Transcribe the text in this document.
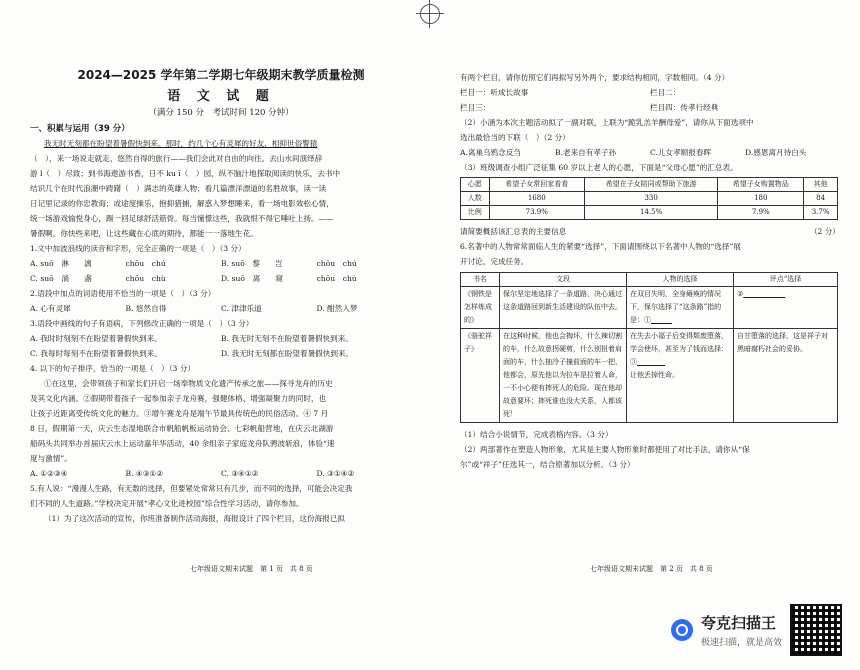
2024—2025 学年第二学期七年级期末教学质量检测
语 文 试 题
（满分 150 分　考试时间 120 分钟）
一、积累与运用（39 分）

我无时无刻都在盼望着暑假快到来。那时，约几个心有灵犀的好友，相抑世俗警猿

（　），来一场说走就走、悠然自得的旅行——我们会此对自由的向往。去山水间演绎辞

游 l（　）尽致；到书海遨游书香，日不 ku ī（　）园，纵不脑汁地探取阅读的快乐，去书中

结识几个在时代浪潮中踌躇（　）满志的英雄人物；看几篇漂洋漂道的名胜故事，读一读

日记里记录的你忠教诲；或途度操乐，抱抑猎捕，解惑入梦想睡来，看一场电影效松心情，

统一场游戏愉悦身心，踢一回足球舒活筋骨。每当憧憬这些，我就恨不得它唾吐上扬。——

暑假啊，你快些来吧，让这些藏在心底的期待，都能一一落地生花。

1.文中加波浪线的读音和字形，完全正确的一项是（　）（3 分）

A. suō　淋　　漓	chōu　chú	B. suō　黎　　岂	chōu　chú
C. suō　淌　　盏	chōu　chù	D. suō　离　　窥	chōu　chú

2.语段中加点的词语使用不恰当的一项是（　）（3 分）

A. 心有灵犀	B. 悠然自得	C. 津津乐道	D. 酣然入梦

3.语段中画线的句子有语病，下列修改正确的一项是（　）（3 分）

A. 我时时刻刻不在盼望着暑假快到来。	B. 我无时无刻不在盼望着暑假快到来。
C. 我每时每刻不在盼望着暑假快到来。	D. 我无时无刻都在盼望着暑假快到来。

4. 以下的句子排序，恰当的一项是（　）（3 分）

①在这里，会带领孩子和家长们开启一场奉物质文化遗产传承之旅——探寻龙舟的历史

及其文化内涵。②假期带着孩子一起参加亲子龙舟赛，强健体格、增强凝聚力的同时，也

让孩子近距离受传统文化的魅力。③增午赛龙舟是端午节最具传统色的民俗活动。④ 7 月

8 日，假期第一天，庆云生态湿地联合市帆船帆板运动协会、七彩帆船营地，在庆云北湖游

船码头共同举办首届庆云水上运动嘉年华活动，40 余组亲子家庭龙舟队骋波斩浪，体验“速

度与激情”。

A. ①②③④	B. ④③①②	C. ③④①②	D. ③①④②

5.有人说：“漫漫人生路，有无数的选择，但要紧处常常只有几步，而不同的选择，可能会决定我

们不同的人生道路。”学校决定开展“孝心文化进校园”综合性学习活动，请你参加。

（1）为了这次活动的宣传，你班准备制作活动海报，海报设计了四个栏目，这份海报已拟

七年级语文期末试题　第 1 页　共 8 页

有两个栏目，请你仿照它们再拟写另外两个，要求结构相同，字数相同。（4 分）

栏目一：听成长故事	栏目二：
栏目三：	栏目四：传孝行经典

（2）小涵为本次主题活动拟了一副对联，上联为“跪乳羔羊酬母爱”，请你从下面选项中

选出最恰当的下联（　）（2 分）

A.离巢乌鸦念反刍	B.老来自有孝子孙	C.儿女孝顺报春晖	D.感恩离月待白头

（3）班级调查小组广泛征集 60 岁以上老人的心愿，下面是“父母心愿”的汇总表。

心愿	希望子女常回家看看	希望在子女陪同或帮助下旅游	希望子女购置物品	其他
人数	1680	330	180	84
比例	73.9%	14.5%	7.9%	3.7%
请简要概括该汇总表的主要信息	（2 分）

6.名著中的人物常常面临人生的紧要“选择”，下面请围绕以下名著中人物的“选择”展

开讨论，完成任务。

书名	文段	人物的选择	评点“选择
《钢铁是怎样炼成的》	保尔坚定地选择了一条道路，决心通过这条道路回到新生活建设的队伍中去。	在双目失明，全身瘫痪的情况下，保尔选择了“这条路”指的是：①　　　	②　　　　　　
《骆驼祥子》	在这种时候，他也会掏坏，什么辣切割的车，什么故意拐硬剪，什么别扭着肩面的车，什么抽冷子撞前面的车一把，他都会，原先他以为拉车是拉着人命，一不小心便有摔死人的危险。现在他却故意要坏；摔死谁也没大关系，人都该死！	在失去小福子后变得颓废堕落，学会使坏，甚至为了钱而选择：③　　　　
让他丢掉性命。	自甘堕落的选择，这是祥子对黑暗腐朽社会的妥协。

（1）结合小说情节，完成表格内容。（3 分）

（2）两部著作在塑造人物形象，尤其是主要人物形象时都使用了对比手法，请你从“保

尔”或“祥子”任选其一，结合原著加以分析。（3 分）

七年级语文期末试题　第 2 页　共 8 页
夸克扫描王
极速扫描，就是高效
